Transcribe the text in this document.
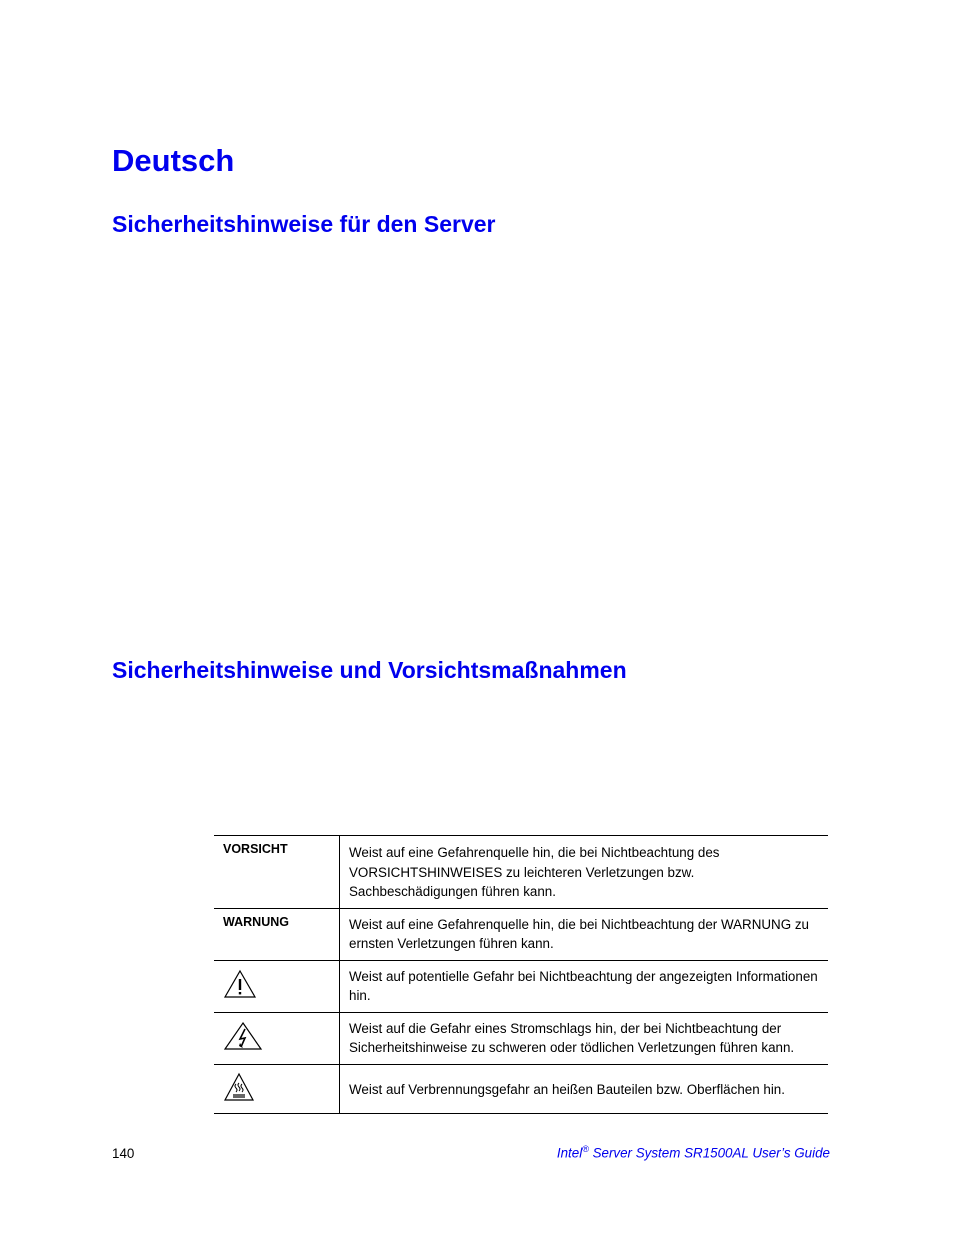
Deutsch
Sicherheitshinweise für den Server
Sicherheitshinweise und Vorsichtsmaßnahmen
VORSICHT	Weist auf eine Gefahrenquelle hin, die bei Nichtbeachtung des VORSICHTSHINWEISES zu leichteren Verletzungen bzw. Sachbeschädigungen führen kann.

WARNUNG	Weist auf eine Gefahrenquelle hin, die bei Nichtbeachtung der WARNUNG zu ernsten Verletzungen führen kann.

	Weist auf potentielle Gefahr bei Nichtbeachtung der angezeigten Informationen hin.

	Weist auf die Gefahr eines Stromschlags hin, der bei Nichtbeachtung der Sicherheitshinweise zu schweren oder tödlichen Verletzungen führen kann.

	Weist auf Verbrennungsgefahr an heißen Bauteilen bzw. Oberflächen hin.
140	Intel® Server System SR1500AL User’s Guide
